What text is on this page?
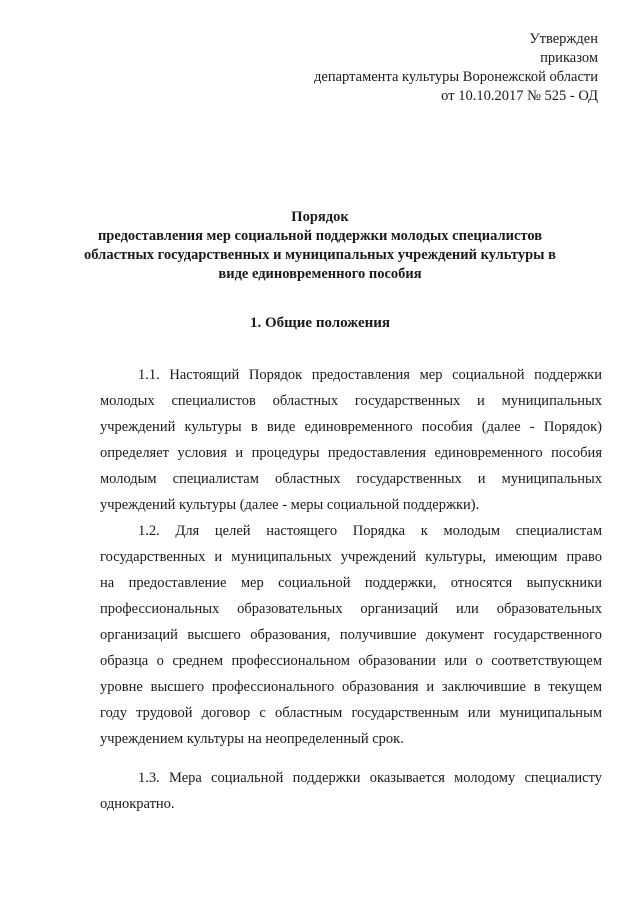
Утвержден
приказом
департамента культуры Воронежской области
от 10.10.2017 № 525 - ОД
Порядок
предоставления мер социальной поддержки молодых специалистов
областных государственных и муниципальных учреждений культуры в
виде единовременного пособия
1. Общие положения
1.1. Настоящий Порядок предоставления мер социальной поддержки
молодых специалистов областных государственных и муниципальных
учреждений культуры в виде единовременного пособия (далее - Порядок)
определяет условия и процедуры предоставления единовременного пособия
молодым специалистам областных государственных и муниципальных
учреждений культуры (далее - меры социальной поддержки).
1.2. Для целей настоящего Порядка к молодым специалистам
государственных и муниципальных учреждений культуры, имеющим право
на предоставление мер социальной поддержки, относятся выпускники
профессиональных образовательных организаций или образовательных
организаций высшего образования, получившие документ государственного
образца о среднем профессиональном образовании или о соответствующем
уровне высшего профессионального образования и заключившие в текущем
году трудовой договор с областным государственным или муниципальным
учреждением культуры на неопределенный срок.
1.3. Мера социальной поддержки оказывается молодому специалисту
однократно.
